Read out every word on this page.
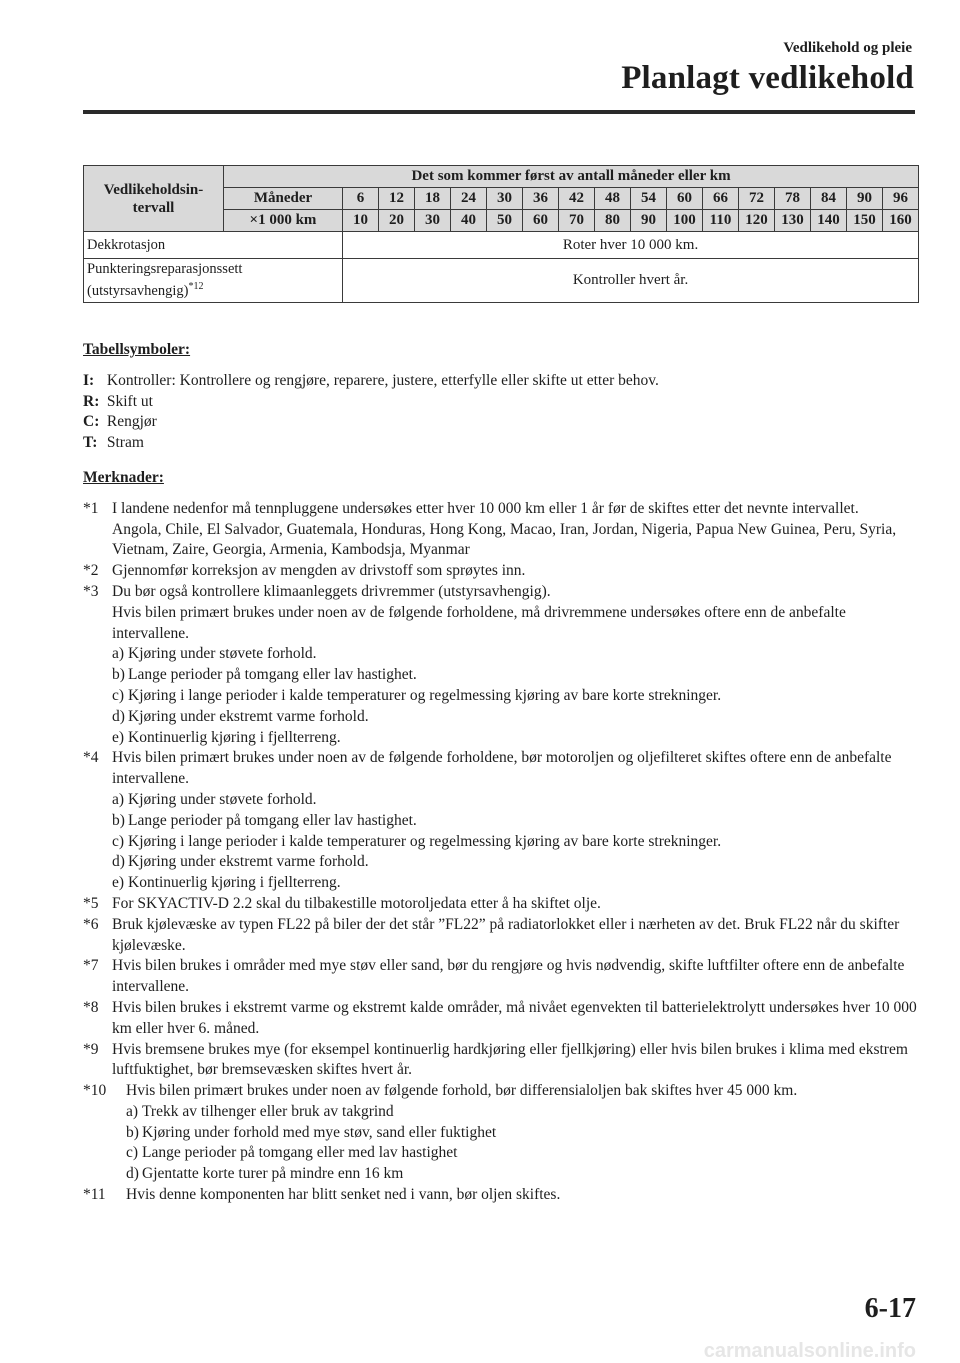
Vedlikehold og pleie
Planlagt vedlikehold
Vedlikeholdsin-
tervall	Det som kommer først av antall måneder eller km																
	Måneder	6	12	18	24	30	36	42	48	54	60	66	72	78	84	90	96
	×1 000 km	10	20	30	40	50	60	70	80	90	100	110	120	130	140	150	160
Dekkrotasjon		Roter hver 10 000 km.															
Punkteringsreparasjonssett
(utstyrsavhengig)$^{*12}$		Kontroller hvert år.															

Tabellsymboler:

I: Kontroller: Kontrollere og rengjøre, reparere, justere, etterfylle eller skifte ut etter behov.

R: Skift ut

C: Rengjør

T: Stram

Merknader:

*1 I landene nedenfor må tennpluggene undersøkes etter hver 10 000 km eller 1 år før de skiftes etter det nevnte intervallet.
Angola, Chile, El Salvador, Guatemala, Honduras, Hong Kong, Macao, Iran, Jordan, Nigeria, Papua New Guinea, Peru, Syria, Vietnam, Zaire, Georgia, Armenia, Kambodsja, Myanmar
*2 Gjennomfør korreksjon av mengden av drivstoff som sprøytes inn.
*3 Du bør også kontrollere klimaanleggets drivremmer (utstyrsavhengig).
Hvis bilen primært brukes under noen av de følgende forholdene, må drivremmene undersøkes oftere enn de anbefalte intervallene.
a) Kjøring under støvete forhold.
b) Lange perioder på tomgang eller lav hastighet.
c) Kjøring i lange perioder i kalde temperaturer og regelmessing kjøring av bare korte strekninger.
d) Kjøring under ekstremt varme forhold.
e) Kontinuerlig kjøring i fjellterreng.
*4 Hvis bilen primært brukes under noen av de følgende forholdene, bør motoroljen og oljefilteret skiftes oftere enn de anbefalte intervallene.
a) Kjøring under støvete forhold.
b) Lange perioder på tomgang eller lav hastighet.
c) Kjøring i lange perioder i kalde temperaturer og regelmessing kjøring av bare korte strekninger.
d) Kjøring under ekstremt varme forhold.
e) Kontinuerlig kjøring i fjellterreng.
*5 For SKYACTIV-D 2.2 skal du tilbakestille motoroljedata etter å ha skiftet olje.
*6 Bruk kjølevæske av typen FL22 på biler der det står ”FL22” på radiatorlokket eller i nærheten av det. Bruk FL22 når du skifter kjølevæske.
*7 Hvis bilen brukes i områder med mye støv eller sand, bør du rengjøre og hvis nødvendig, skifte luftfilter oftere enn de anbefalte intervallene.
*8 Hvis bilen brukes i ekstremt varme og ekstremt kalde områder, må nivået egenvekten til batterielektrolytt undersøkes hver 10 000 km eller hver 6. måned.
*9 Hvis bremsene brukes mye (for eksempel kontinuerlig hardkjøring eller fjellkjøring) eller hvis bilen brukes i klima med ekstrem luftfuktighet, bør bremsevæsken skiftes hvert år.
*10 Hvis bilen primært brukes under noen av følgende forhold, bør differensialoljen bak skiftes hver 45 000 km.
a) Trekk av tilhenger eller bruk av takgrind
b) Kjøring under forhold med mye støv, sand eller fuktighet
c) Lange perioder på tomgang eller med lav hastighet
d) Gjentatte korte turer på mindre enn 16 km
*11 Hvis denne komponenten har blitt senket ned i vann, bør oljen skiftes.
6-17
carmanualsonline.info
